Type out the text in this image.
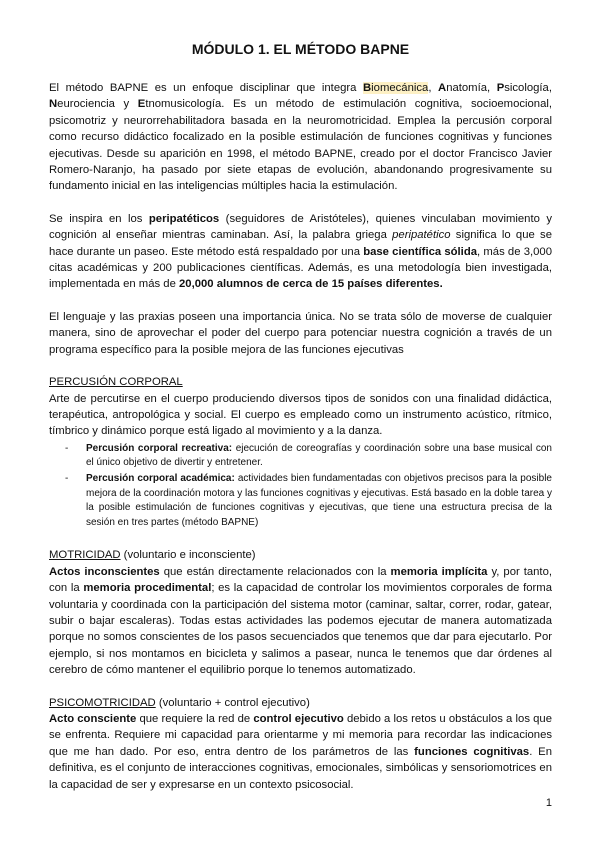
MÓDULO 1. EL MÉTODO BAPNE

El método BAPNE es un enfoque disciplinar que integra Biomecánica, Anatomía, Psicología, Neurociencia y Etnomusicología. Es un método de estimulación cognitiva, socioemocional, psicomotriz y neurorrehabilitadora basada en la neuromotricidad. Emplea la percusión corporal como recurso didáctico focalizado en la posible estimulación de funciones cognitivas y funciones ejecutivas. Desde su aparición en 1998, el método BAPNE, creado por el doctor Francisco Javier Romero-Naranjo, ha pasado por siete etapas de evolución, abandonando progresivamente su fundamento inicial en las inteligencias múltiples hacia la estimulación.

Se inspira en los peripatéticos (seguidores de Aristóteles), quienes vinculaban movimiento y cognición al enseñar mientras caminaban. Así, la palabra griega peripatético significa lo que se hace durante un paseo. Este método está respaldado por una base científica sólida, más de 3,000 citas académicas y 200 publicaciones científicas. Además, es una metodología bien investigada, implementada en más de 20,000 alumnos de cerca de 15 países diferentes.

El lenguaje y las praxias poseen una importancia única. No se trata sólo de moverse de cualquier manera, sino de aprovechar el poder del cuerpo para potenciar nuestra cognición a través de un programa específico para la posible mejora de las funciones ejecutivas

PERCUSIÓN CORPORAL

Arte de percutirse en el cuerpo produciendo diversos tipos de sonidos con una finalidad didáctica, terapéutica, antropológica y social. El cuerpo es empleado como un instrumento acústico, rítmico, tímbrico y dinámico porque está ligado al movimiento y a la danza.

- Percusión corporal recreativa: ejecución de coreografías y coordinación sobre una base musical con el único objetivo de divertir y entretener.
- Percusión corporal académica: actividades bien fundamentadas con objetivos precisos para la posible mejora de la coordinación motora y las funciones cognitivas y ejecutivas. Está basado en la doble tarea y la posible estimulación de funciones cognitivas y ejecutivas, que tiene una estructura precisa de la sesión en tres partes (método BAPNE)

MOTRICIDAD (voluntario e inconsciente)

Actos inconscientes que están directamente relacionados con la memoria implícita y, por tanto, con la memoria procedimental; es la capacidad de controlar los movimientos corporales de forma voluntaria y coordinada con la participación del sistema motor (caminar, saltar, correr, rodar, gatear, subir o bajar escaleras). Todas estas actividades las podemos ejecutar de manera automatizada porque no somos conscientes de los pasos secuenciados que tenemos que dar para ejecutarlo. Por ejemplo, si nos montamos en bicicleta y salimos a pasear, nunca le tenemos que dar órdenes al cerebro de cómo mantener el equilibrio porque lo tenemos automatizado.

PSICOMOTRICIDAD (voluntario + control ejecutivo)

Acto consciente que requiere la red de control ejecutivo debido a los retos u obstáculos a los que se enfrenta. Requiere mi capacidad para orientarme y mi memoria para recordar las indicaciones que me han dado. Por eso, entra dentro de los parámetros de las funciones cognitivas. En definitiva, es el conjunto de interacciones cognitivas, emocionales, simbólicas y sensoriomotrices en la capacidad de ser y expresarse en un contexto psicosocial.

1
